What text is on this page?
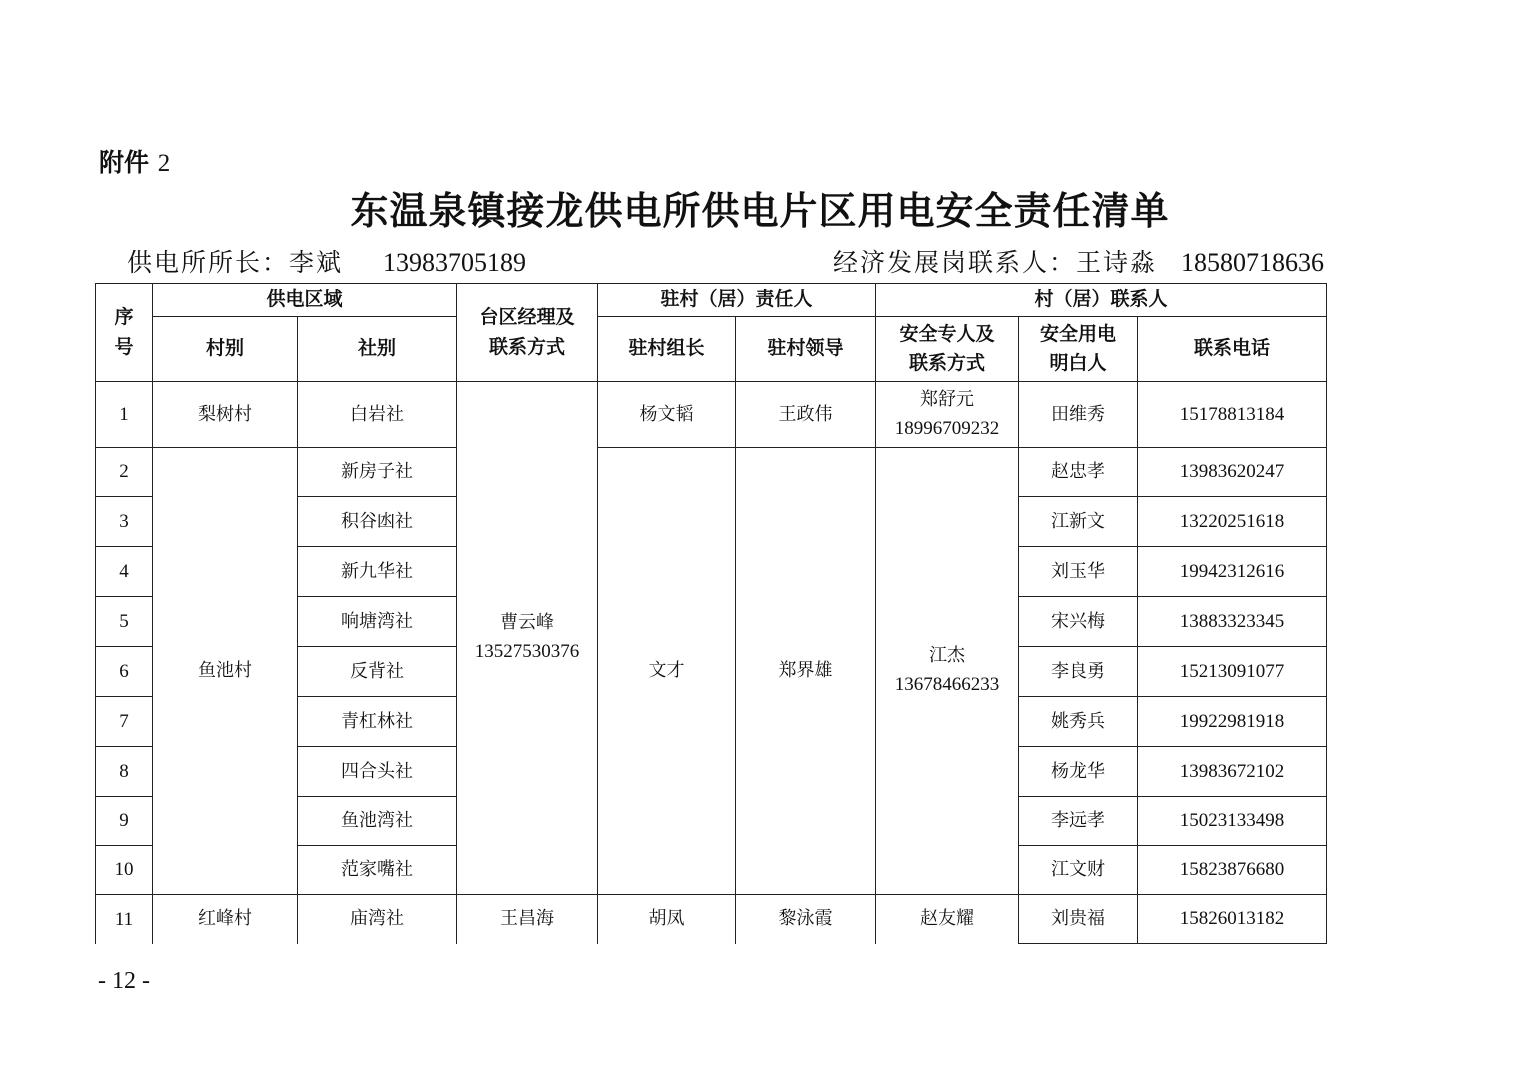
附件 2
东温泉镇接龙供电所供电片区用电安全责任清单
供电所所长：李斌 13983705189	经济发展岗联系人：王诗淼 18580718636
序
号	供电区域		台区经理及
联系方式	驻村（居）责任人		村（居）联系人		
	村别	社别		驻村组长	驻村领导	安全专人及
联系方式	安全用电
明白人	联系电话
1	梨树村	白岩社	曹云峰
13527530376	杨文韬	王政伟	郑舒元
18996709232	田维秀	15178813184
2	鱼池村	新房子社		文才	郑界雄	江杰
13678466233	赵忠孝	13983620247
3		积谷凼社					江新文	13220251618
4		新九华社					刘玉华	19942312616
5		响塘湾社					宋兴梅	13883323345
6		反背社					李良勇	15213091077
7		青杠林社					姚秀兵	19922981918
8		四合头社					杨龙华	13983672102
9		鱼池湾社					李远孝	15023133498
10		范家嘴社					江文财	15823876680
11	红峰村	庙湾社	王昌海	胡凤	黎泳霞	赵友耀	刘贵福	15826013182
- 12 -
